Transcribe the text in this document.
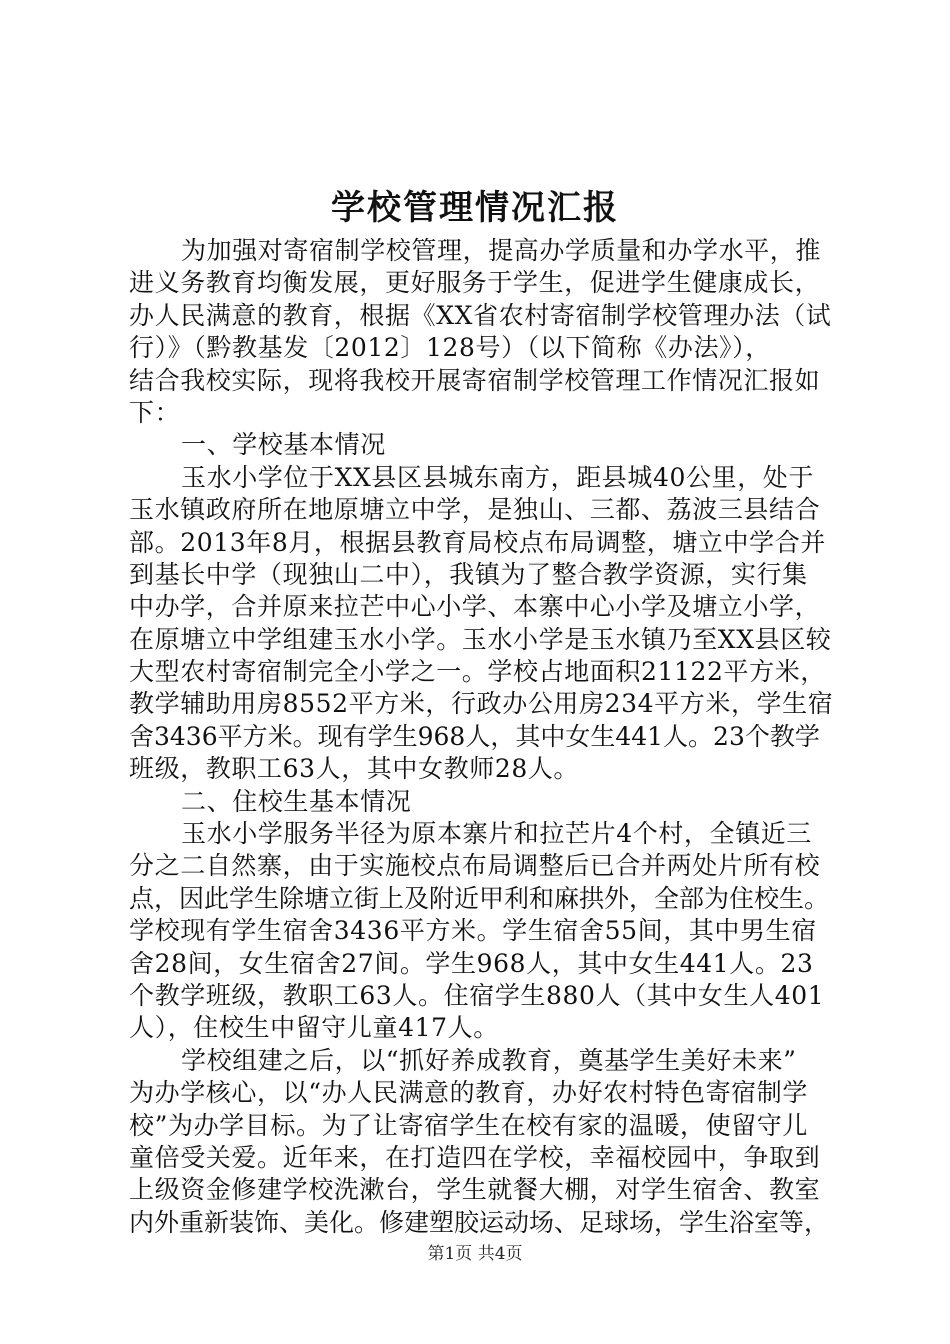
学校管理情况汇报
为加强对寄宿制学校管理，提高办学质量和办学水平，推
进义务教育均衡发展，更好服务于学生，促进学生健康成长，
办人民满意的教育，根据《XX省农村寄宿制学校管理办法（试
行）》（黔教基发〔2012〕128号）（以下简称《办法》），
结合我校实际，现将我校开展寄宿制学校管理工作情况汇报如
下：
一、学校基本情况
玉水小学位于XX县区县城东南方，距县城40公里，处于
玉水镇政府所在地原塘立中学，是独山、三都、荔波三县结合
部。2013年8月，根据县教育局校点布局调整，塘立中学合并
到基长中学（现独山二中），我镇为了整合教学资源，实行集
中办学，合并原来拉芒中心小学、本寨中心小学及塘立小学，
在原塘立中学组建玉水小学。玉水小学是玉水镇乃至XX县区较
大型农村寄宿制完全小学之一。学校占地面积21122平方米，
教学辅助用房8552平方米，行政办公用房234平方米，学生宿
舍3436平方米。现有学生968人，其中女生441人。23个教学
班级，教职工63人，其中女教师28人。
二、住校生基本情况
玉水小学服务半径为原本寨片和拉芒片4个村，全镇近三
分之二自然寨，由于实施校点布局调整后已合并两处片所有校
点，因此学生除塘立街上及附近甲利和麻拱外，全部为住校生。
学校现有学生宿舍3436平方米。学生宿舍55间，其中男生宿
舍28间，女生宿舍27间。学生968人，其中女生441人。23
个教学班级，教职工63人。住宿学生880人（其中女生人401
人），住校生中留守儿童417人。
学校组建之后，以“抓好养成教育，奠基学生美好未来”
为办学核心，以“办人民满意的教育，办好农村特色寄宿制学
校”为办学目标。为了让寄宿学生在校有家的温暖，使留守儿
童倍受关爱。近年来，在打造四在学校，幸福校园中，争取到
上级资金修建学校洗漱台，学生就餐大棚，对学生宿舍、教室
内外重新装饰、美化。修建塑胶运动场、足球场，学生浴室等，
第1页 共4页
